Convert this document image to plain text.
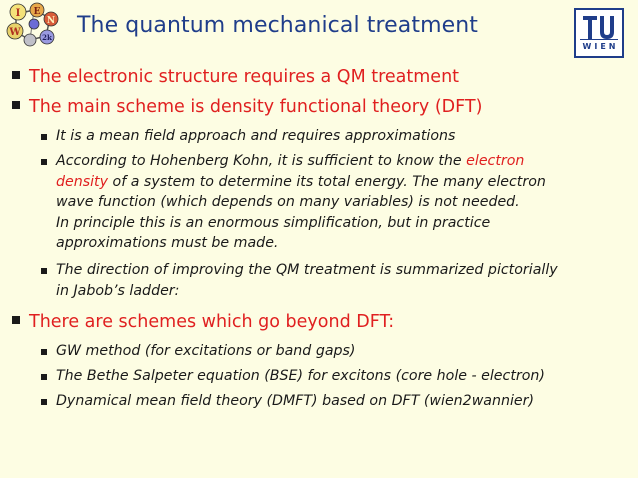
I E
W
N
2k The quantum mechanical treatment
WIEN
The electronic structure requires a QM treatment
The main scheme is density functional theory (DFT)
It is a mean field approach and requires approximations
According to Hohenberg Kohn, it is sufficient to know the electron
density of a system to determine its total energy. The many electron
wave function (which depends on many variables) is not needed.
In principle this is an enormous simplification, but in practice
approximations must be made.
The direction of improving the QM treatment is summarized pictorially
in Jabob’s ladder:
There are schemes which go beyond DFT:
GW method (for excitations or band gaps)
The Bethe Salpeter equation (BSE) for excitons (core hole - electron)
Dynamical mean field theory (DMFT) based on DFT (wien2wannier)
